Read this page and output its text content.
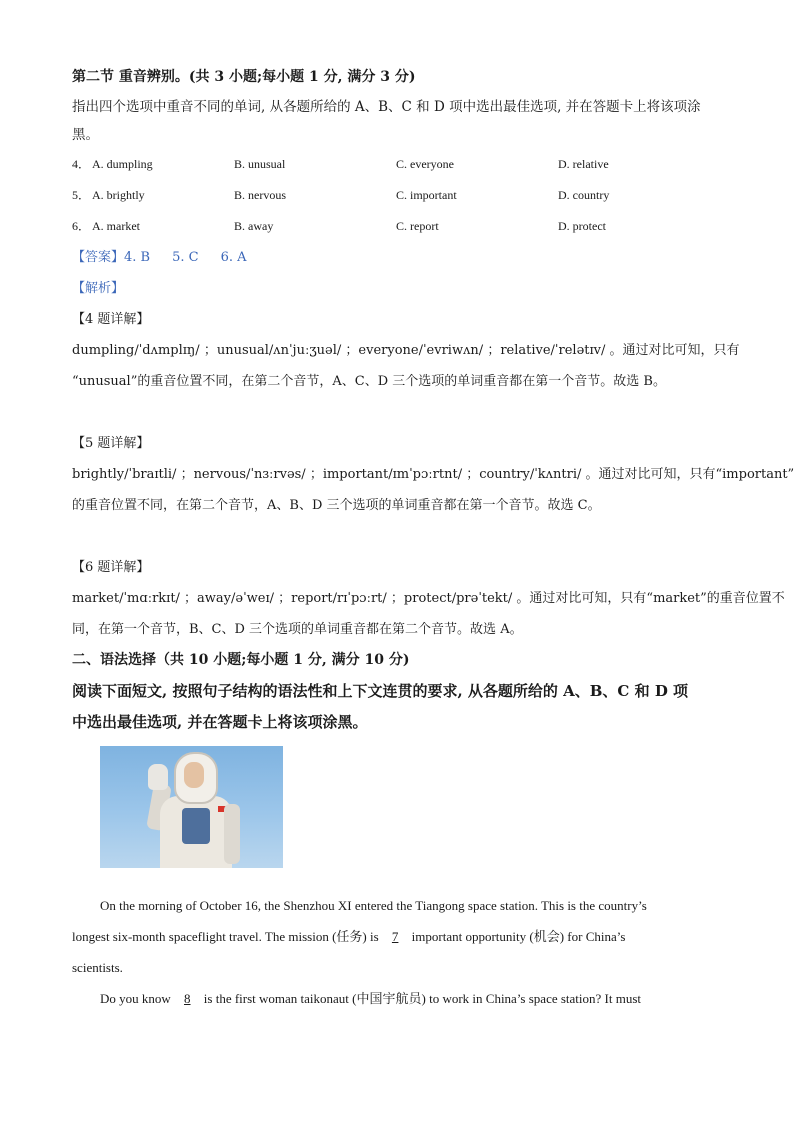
第二节 重音辨别。(共 3 小题;每小题 1 分, 满分 3 分)
指出四个选项中重音不同的单词, 从各题所给的 A、B、C 和 D 项中选出最佳选项, 并在答题卡上将该项涂黑。
4． A. dumpling	B. unusual	C. everyone	D. relative
5． A. brightly	B. nervous	C. important	D. country
6． A. market	B. away	C. report	D. protect
【答案】4. B 5. C 6. A
【解析】
【4 题详解】
dumpling/ˈdʌmplɪŋ/ ；unusual/ʌnˈjuːʒuəl/ ；everyone/ˈevriwʌn/ ；relative/ˈrelətɪv/ 。通过对比可知，只有
“unusual”的重音位置不同，在第二个音节，A、C、D 三个选项的单词重音都在第一个音节。故选 B。
【5 题详解】
brightly/ˈbraɪtli/ ；nervous/ˈnɜːrvəs/ ；important/ɪmˈpɔːrtnt/ ；country/ˈkʌntri/ 。通过对比可知，只有“important”
的重音位置不同，在第二个音节，A、B、D 三个选项的单词重音都在第一个音节。故选 C。
【6 题详解】
market/ˈmɑːrkɪt/ ；away/əˈweɪ/ ；report/rɪˈpɔːrt/ ；protect/prəˈtekt/ 。通过对比可知，只有“market”的重音位置不
同，在第一个音节，B、C、D 三个选项的单词重音都在第二个音节。故选 A。
二、语法选择（共 10 小题;每小题 1 分, 满分 10 分)
阅读下面短文, 按照句子结构的语法性和上下文连贯的要求, 从各题所给的 A、B、C 和 D 项
中选出最佳选项, 并在答题卡上将该项涂黑。
On the morning of October 16, the Shenzhou XI entered the Tiangong space station. This is the country’s
longest six-month spaceflight travel. The mission (任务) is 7 important opportunity (机会) for China’s
scientists.
Do you know 8 is the first woman taikonaut (中国宇航员) to work in China’s space station? It must
